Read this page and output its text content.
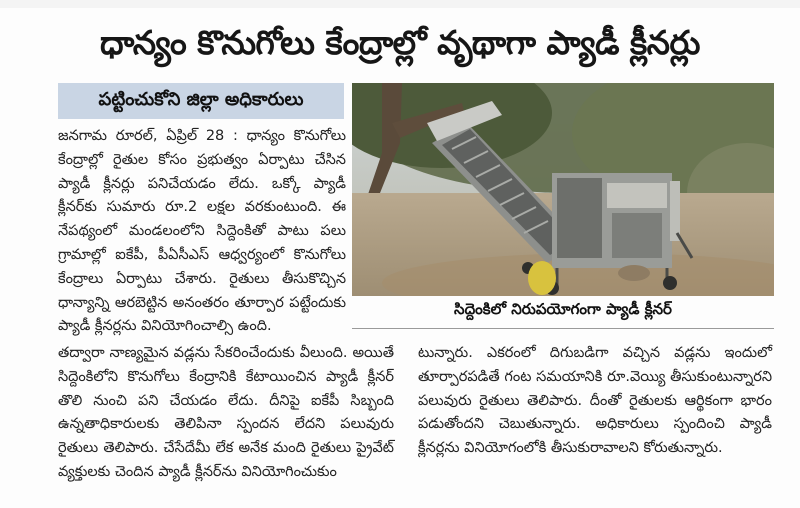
ధాన్యం కొనుగోలు కేంద్రాల్లో వృథాగా ప్యాడీ క్లీనర్లు
పట్టించుకోని జిల్లా అధికారులు

జనగామ రూరల్, ఏప్రిల్ 28 : ధాన్యం కొనుగోలు కేంద్రాల్లో రైతుల కోసం ప్రభుత్వం ఏర్పాటు చేసిన ప్యాడీ క్లీనర్లు పనిచేయడం లేదు. ఒక్కో ప్యాడీ క్లీనర్‌కు సుమారు రూ.2 లక్షల వరకుంటుంది. ఈ నేపథ్యంలో మండలంలోని సిద్దెంకితో పాటు పలు గ్రామాల్లో ఐకేపీ, పీఏసీఎస్ ఆధ్వర్యంలో కొనుగోలు కేంద్రాలు ఏర్పాటు చేశారు. రైతులు తీసుకొచ్చిన ధాన్యాన్ని ఆరబెట్టిన అనంతరం తూర్పార పట్టేందుకు ప్యాడీ క్లీనర్లను వినియోగించాల్సి ఉంది.

సిద్దెంకిలో నిరుపయోగంగా ప్యాడీ క్లీనర్

తద్వారా నాణ్యమైన వడ్లను సేకరించేందుకు వీలుంది. అయితే సిద్దెంకిలోని కొనుగోలు కేంద్రానికి కేటాయించిన ప్యాడీ క్లీనర్ తొలి నుంచి పని చేయడం లేదు. దీనిపై ఐకేపీ సిబ్బంది ఉన్నతాధికారులకు తెలిపినా స్పందన లేదని పలువురు రైతులు తెలిపారు. చేసేదేమీ లేక అనేక మంది రైతులు ప్రైవేట్ వ్యక్తులకు చెందిన ప్యాడీ క్లీనర్‌ను వినియోగించుకుం

టున్నారు. ఎకరంలో దిగుబడిగా వచ్చిన వడ్లను ఇందులో తూర్పారపడితే గంట సమయానికి రూ.వెయ్యి తీసుకుంటున్నారని పలువురు రైతులు తెలిపారు. దీంతో రైతులకు ఆర్థికంగా భారం పడుతోందని చెబుతున్నారు. అధికారులు స్పందించి ప్యాడీ క్లీనర్లను వినియోగంలోకి తీసుకురావాలని కోరుతున్నారు.
